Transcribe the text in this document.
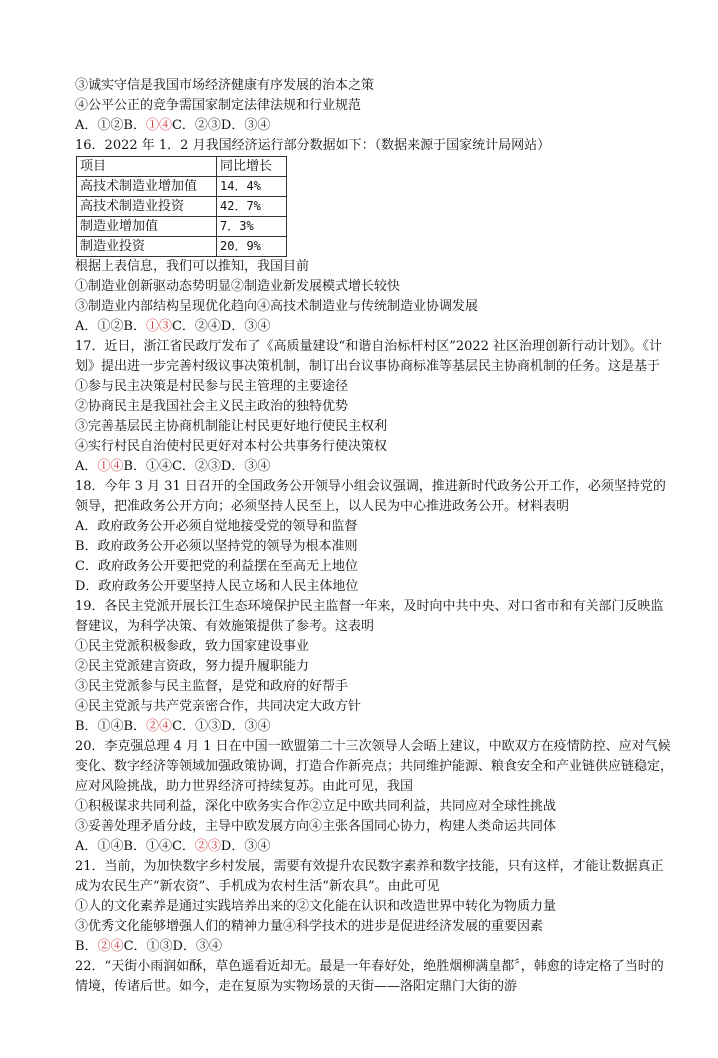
③诚实守信是我国市场经济健康有序发展的治本之策
④公平公正的竞争需国家制定法律法规和行业规范
A．①②B．①④C．②③D．③④
16．2022 年 1．2 月我国经济运行部分数据如下：（数据来源于国家统计局网站）
项目	同比增长
高技术制造业增加值	14．4%
高技术制造业投资	42．7%
制造业增加值	7．3%
制造业投资	20．9%
根据上表信息，我们可以推知，我国目前
①制造业创新驱动态势明显②制造业新发展模式增长较快
③制造业内部结构呈现优化趋向④高技术制造业与传统制造业协调发展
A．①②B．①③C．②④D．③④
17．近日，浙江省民政厅发布了《高质量建设“和谐自治标杆村区”2022 社区治理创新行动计划》。《计划》提出进一步完善村级议事决策机制，制订出台议事协商标准等基层民主协商机制的任务。这是基于
①参与民主决策是村民参与民主管理的主要途径
②协商民主是我国社会主义民主政治的独特优势
③完善基层民主协商机制能让村民更好地行使民主权利
④实行村民自治使村民更好对本村公共事务行使决策权
A．①④B．①④C．②③D．③④
18．今年 3 月 31 日召开的全国政务公开领导小组会议强调，推进新时代政务公开工作，必须坚持党的领导，把准政务公开方向；必须坚持人民至上，以人民为中心推进政务公开。材料表明
A．政府政务公开必须自觉地接受党的领导和监督
B．政府政务公开必须以坚持党的领导为根本准则
C．政府政务公开要把党的利益摆在至高无上地位
D．政府政务公开要坚持人民立场和人民主体地位
19．各民主党派开展长江生态环境保护民主监督一年来，及时向中共中央、对口省市和有关部门反映监督建议，为科学决策、有效施策提供了参考。这表明
①民主党派积极参政，致力国家建设事业
②民主党派建言资政，努力提升履职能力
③民主党派参与民主监督，是党和政府的好帮手
④民主党派与共产党亲密合作，共同决定大政方针
B．①④B．②④C．①③D．③④
20．李克强总理 4 月 1 日在中国一欧盟第二十三次领导人会晤上建议，中欧双方在疫情防控、应对气候变化、数字经济等领域加强政策协调，打造合作新亮点；共同维护能源、粮食安全和产业链供应链稳定，应对风险挑战，助力世界经济可持续复苏。由此可见，我国
①积极谋求共同利益，深化中欧务实合作②立足中欧共同利益，共同应对全球性挑战
③妥善处理矛盾分歧，主导中欧发展方向④主张各国同心协力，构建人类命运共同体
A．①④B．①④C．②③D．③④
21．当前，为加快数字乡村发展，需要有效提升农民数字素养和数字技能，只有这样，才能让数据真正成为农民生产“新农资”、手机成为农村生活“新农具”。由此可见
①人的文化素养是通过实践培养出来的②文化能在认识和改造世界中转化为物质力量
③优秀文化能够增强人们的精神力量④科学技术的进步是促进经济发展的重要因素
B．②④C．①③D．③④
22．“天街小雨润如酥，草色遥看近却无。最是一年春好处，绝胜烟柳满皇都〞，韩愈的诗定格了当时的情境，传诸后世。如今，走在复原为实物场景的天街——洛阳定鼎门大街的游
